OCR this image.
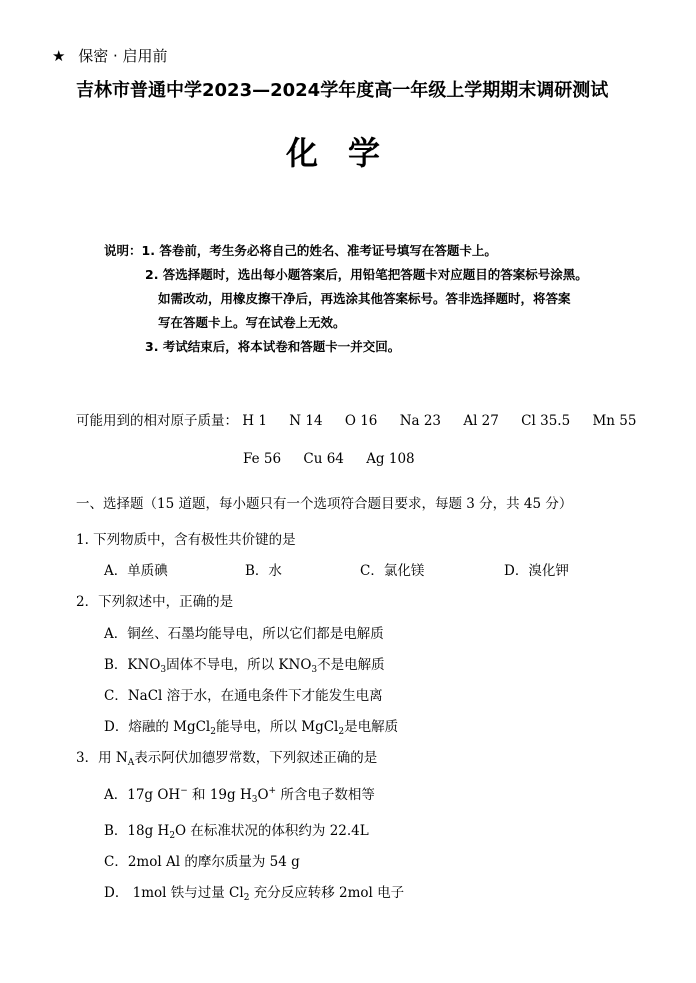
★ 保密 · 启用前
吉林市普通中学2023—2024学年度高一年级上学期期末调研测试
化学
说明：1. 答卷前，考生务必将自己的姓名、准考证号填写在答题卡上。
2. 答选择题时，选出每小题答案后，用铅笔把答题卡对应题目的答案标号涂黑。
如需改动，用橡皮擦干净后，再选涂其他答案标号。答非选择题时，将答案
写在答题卡上。写在试卷上无效。
3. 考试结束后，将本试卷和答题卡一并交回。
可能用到的相对原子质量： H 1 N 14 O 16 Na 23 Al 27 Cl 35.5 Mn 55
Fe 56 Cu 64 Ag 108
一、选择题（15 道题，每小题只有一个选项符合题目要求，每题 3 分，共 45 分）
1. 下列物质中，含有极性共价键的是
A．单质碘	B．水	C．氯化镁	D．溴化钾
2．下列叙述中，正确的是
A．铜丝、石墨均能导电，所以它们都是电解质
B．$KNO_3$固体不导电，所以 $KNO_3$不是电解质
C．NaCl 溶于水，在通电条件下才能发生电离
D．熔融的 MgCl$_2$能导电，所以 MgCl$_2$是电解质
3．用 $N_A$表示阿伏加德罗常数，下列叙述正确的是
A．17g OH− 和 19g $H_3O^+$ 所含电子数相等
B．18g $H_2O$ 在标准状况的体积约为 22.4L
C．2mol Al 的摩尔质量为 54 g
D． 1mol 铁与过量 $Cl_2$ 充分反应转移 2mol 电子
